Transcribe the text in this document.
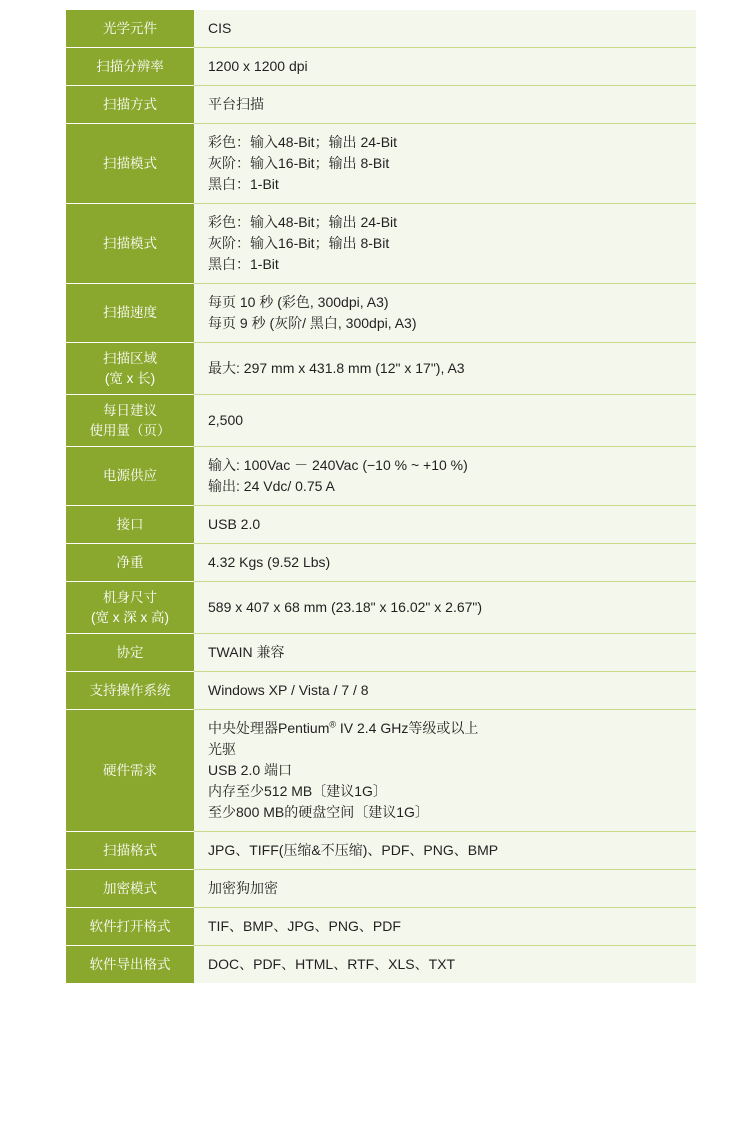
光学元件	CIS

扫描分辨率	1200 x 1200 dpi

扫描方式	平台扫描

扫描模式	彩色：输入48-Bit；输出 24-Bit
灰阶：输入16-Bit；输出 8-Bit
黑白：1-Bit

扫描模式	彩色：输入48-Bit；输出 24-Bit
灰阶：输入16-Bit；输出 8-Bit
黑白：1-Bit

扫描速度	每页 10 秒 (彩色, 300dpi, A3)
每页 9 秒 (灰阶/ 黑白, 300dpi, A3)

扫描区域
(宽 x 长)	最大: 297 mm x 431.8 mm (12" x 17"), A3

每日建议
使用量（页）	2,500

电源供应	输入: 100Vac － 240Vac (−10 % ~ +10 %)
输出: 24 Vdc/ 0.75 A

接口	USB 2.0

净重	4.32 Kgs (9.52 Lbs)

机身尺寸
(宽 x 深 x 高)	589 x 407 x 68 mm (23.18" x 16.02" x 2.67")

协定	TWAIN 兼容

支持操作系统	Windows XP / Vista / 7 / 8

硬件需求	中央处理器Pentium® IV 2.4 GHz等级或以上
光驱
USB 2.0 端口
内存至少512 MB〔建议1G〕
至少800 MB的硬盘空间〔建议1G〕

扫描格式	JPG、TIFF(压缩&不压缩)、PDF、PNG、BMP

加密模式	加密狗加密

软件打开格式	TIF、BMP、JPG、PNG、PDF

软件导出格式	DOC、PDF、HTML、RTF、XLS、TXT
